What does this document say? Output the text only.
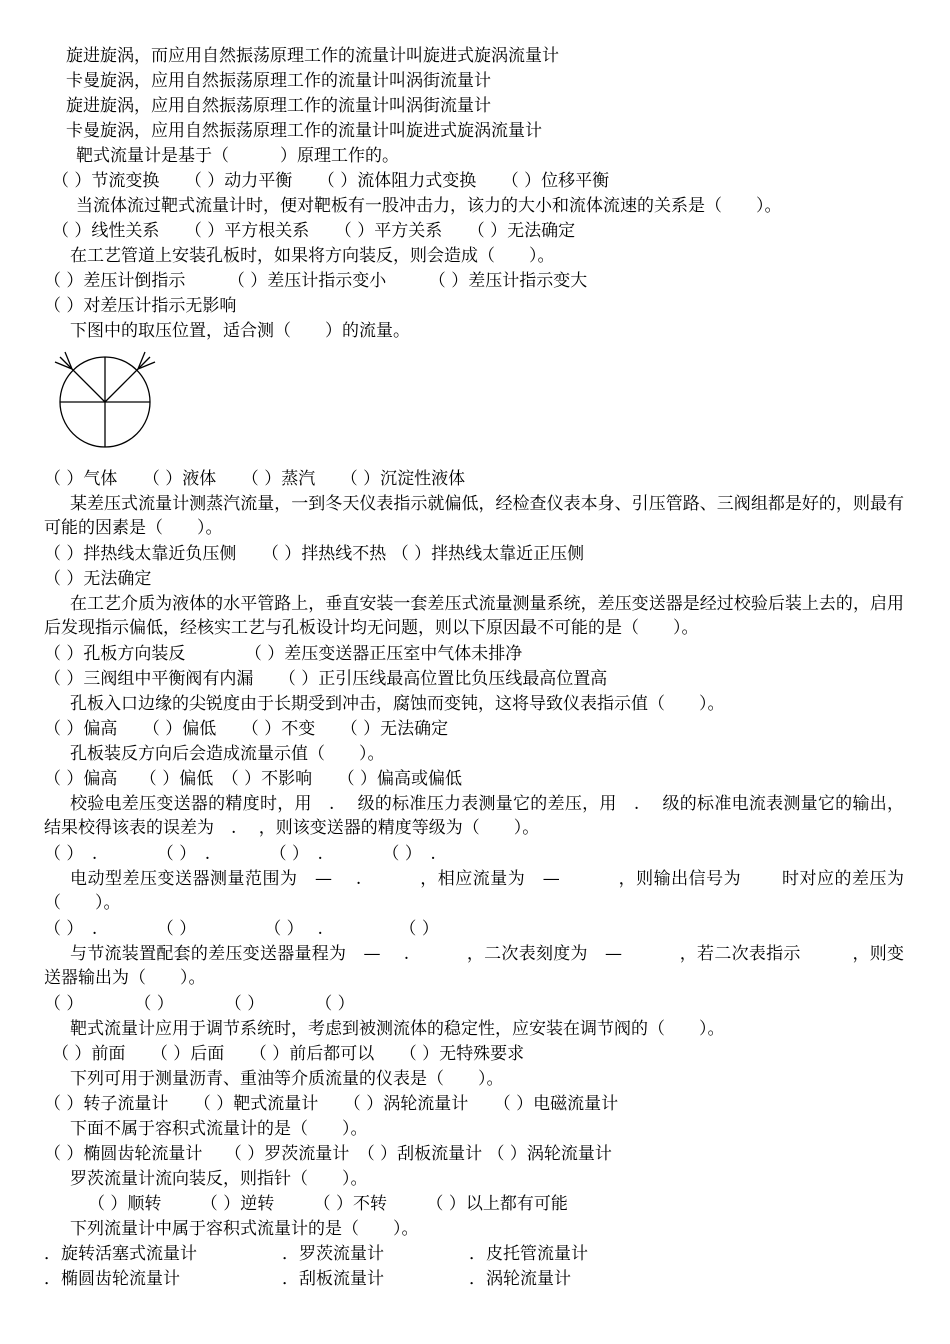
旋进旋涡，而应用自然振荡原理工作的流量计叫旋进式旋涡流量计
卡曼旋涡，应用自然振荡原理工作的流量计叫涡街流量计
旋进旋涡，应用自然振荡原理工作的流量计叫涡街流量计
卡曼旋涡，应用自然振荡原理工作的流量计叫旋进式旋涡流量计
靶式流量计是基于（　　　）原理工作的。
（ ）节流变换　　（ ）动力平衡　　（ ）流体阻力式变换　　（ ）位移平衡
当流体流过靶式流量计时，便对靶板有一股冲击力，该力的大小和流体流速的关系是（　　）。
（ ）线性关系　　（ ）平方根关系　　（ ）平方关系　　（ ）无法确定
在工艺管道上安装孔板时，如果将方向装反，则会造成（　　）。
（ ）差压计倒指示　　　（ ）差压计指示变小　　　（ ）差压计指示变大
（ ）对差压计指示无影响
下图中的取压位置，适合测（　　）的流量。
（ ）气体　　（ ）液体　　（ ）蒸汽　　（ ）沉淀性液体
某差压式流量计测蒸汽流量，一到冬天仪表指示就偏低，经检查仪表本身、引压管路、三阀组都是好的，则最有可能的因素是（　　）。
（ ）拌热线太靠近负压侧　　（ ）拌热线不热 （ ）拌热线太靠近正压侧
（ ）无法确定
在工艺介质为液体的水平管路上，垂直安装一套差压式流量测量系统，差压变送器是经过校验后装上去的，启用后发现指示偏低，经核实工艺与孔板设计均无问题，则以下原因最不可能的是（　　）。
（ ）孔板方向装反　　　　（ ）差压变送器正压室中气体未排净
（ ）三阀组中平衡阀有内漏　　（ ）正引压线最高位置比负压线最高位置高
孔板入口边缘的尖锐度由于长期受到冲击，腐蚀而变钝，这将导致仪表指示值（　　）。
（ ）偏高　　（ ）偏低　　（ ）不变　　（ ）无法确定
孔板装反方向后会造成流量示值（　　）。
（ ）偏高　 （ ）偏低　（ ）不影响　　（ ）偏高或偏低
校验电差压变送器的精度时，用　.　 级的标准压力表测量它的差压，用　.　 级的标准电流表测量它的输出，结果校得该表的误差为　.　 ，则该变送器的精度等级为（　　）。
（ ）　.　　　　（ ）　.　　　　（ ）　.　　　　（ ）　.
电动型差压变送器测量范围为　—　 .　　　 ，相应流量为　—　　　 ，则输出信号为　　 时对应的差压为（　　）。
（ ）　.　　　　（ ）　　　　　（ ）　 .　　　　　（ ）
与节流装置配套的差压变送器量程为　—　 .　　　 ，二次表刻度为　—　　　 ，若二次表指示　　　，则变送器输出为（　　）。
（ ）　　　　（ ）　　　　（ ）　　　　（ ）
靶式流量计应用于调节系统时，考虑到被测流体的稳定性，应安装在调节阀的（　　）。
（ ）前面　　（ ）后面　　（ ）前后都可以　　（ ）无特殊要求
下列可用于测量沥青、重油等介质流量的仪表是（　　）。
（ ）转子流量计　　（ ）靶式流量计　　（ ）涡轮流量计　　（ ）电磁流量计
下面不属于容积式流量计的是（　　）。
（ ）椭圆齿轮流量计　 （ ）罗茨流量计　（ ）刮板流量计 （ ）涡轮流量计
罗茨流量计流向装反，则指针（　　）。
（ ）顺转　　 （ ）逆转　　 （ ）不转　　 （ ）以上都有可能
下列流量计中属于容积式流量计的是（　　）。
．旋转活塞式流量计　　　　　．罗茨流量计　　　　　．皮托管流量计
．椭圆齿轮流量计　　　　　　．刮板流量计　　　　　．涡轮流量计
